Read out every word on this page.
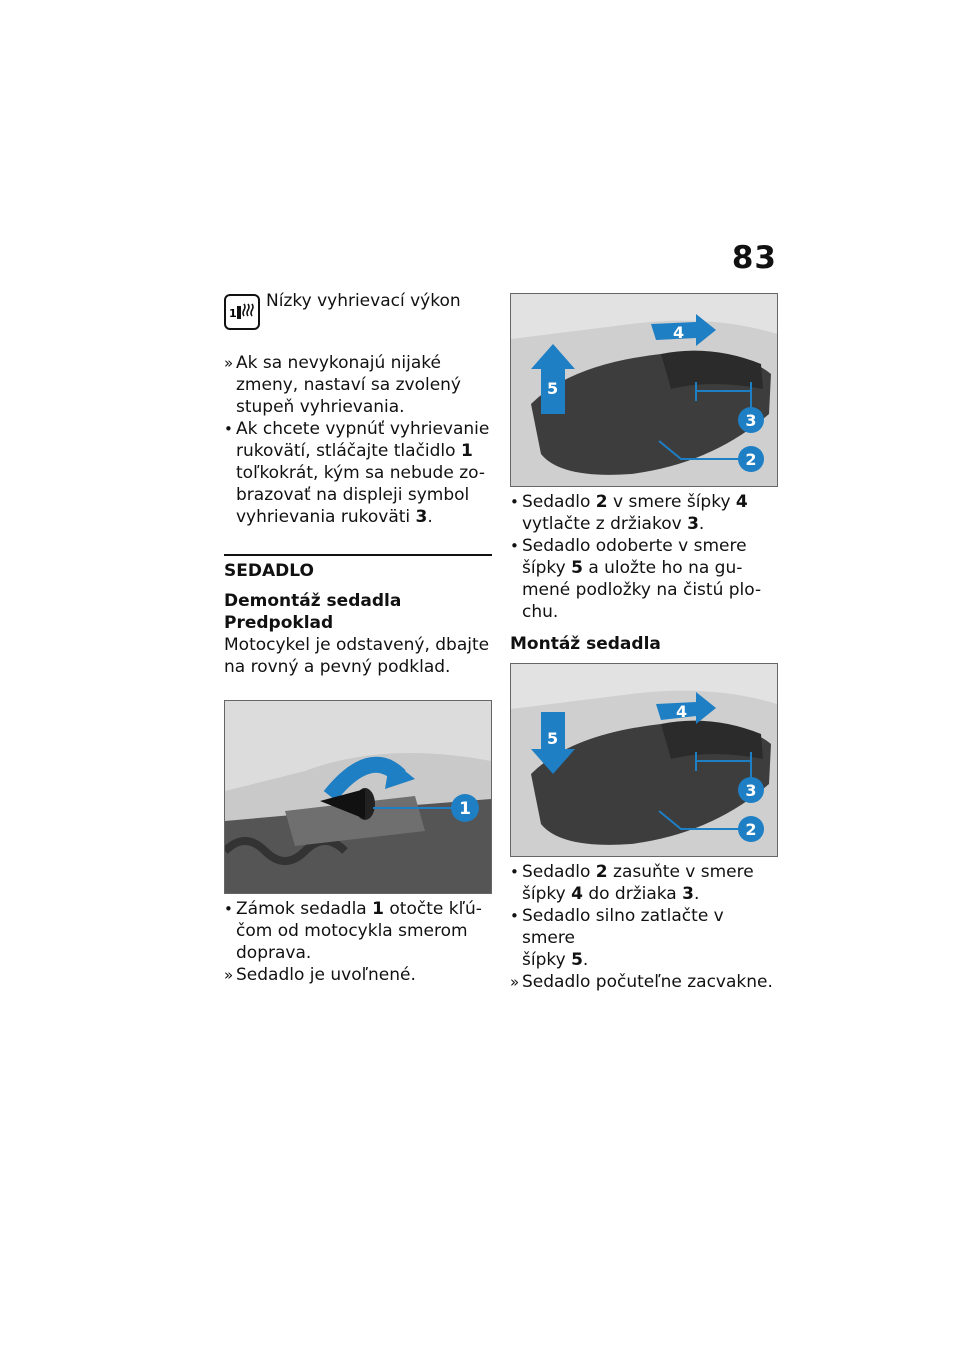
83
1
Nízky vyhrievací výkon
» Ak sa nevykonajú nijaké
zmeny, nastaví sa zvolený
stupeň vyhrievania.
• Ak chcete vypnúť vyhrievanie
rukovätí, stláčajte tlačidlo 1
toľkokrát, kým sa nebude zo-
brazovať na displeji symbol
vyhrievania rukoväti 3.

SEDADLO

Demontáž sedadla

Predpoklad

Motocykel je odstavený, dbajte
na rovný a pevný podklad.

1
• Zámok sedadla 1 otočte kľú-
čom od motocykla smerom
doprava.
» Sedadlo je uvoľnené.
4
5
3
2
• Sedadlo 2 v smere šípky 4
vytlačte z držiakov 3.
• Sedadlo odoberte v smere
šípky 5 a uložte ho na gu-
mené podložky na čistú plo-
chu.

Montáž sedadla

4
5
3
2
• Sedadlo 2 zasuňte v smere
šípky 4 do držiaka 3.
• Sedadlo silno zatlačte v smere
šípky 5.
» Sedadlo počuteľne zacvakne.
